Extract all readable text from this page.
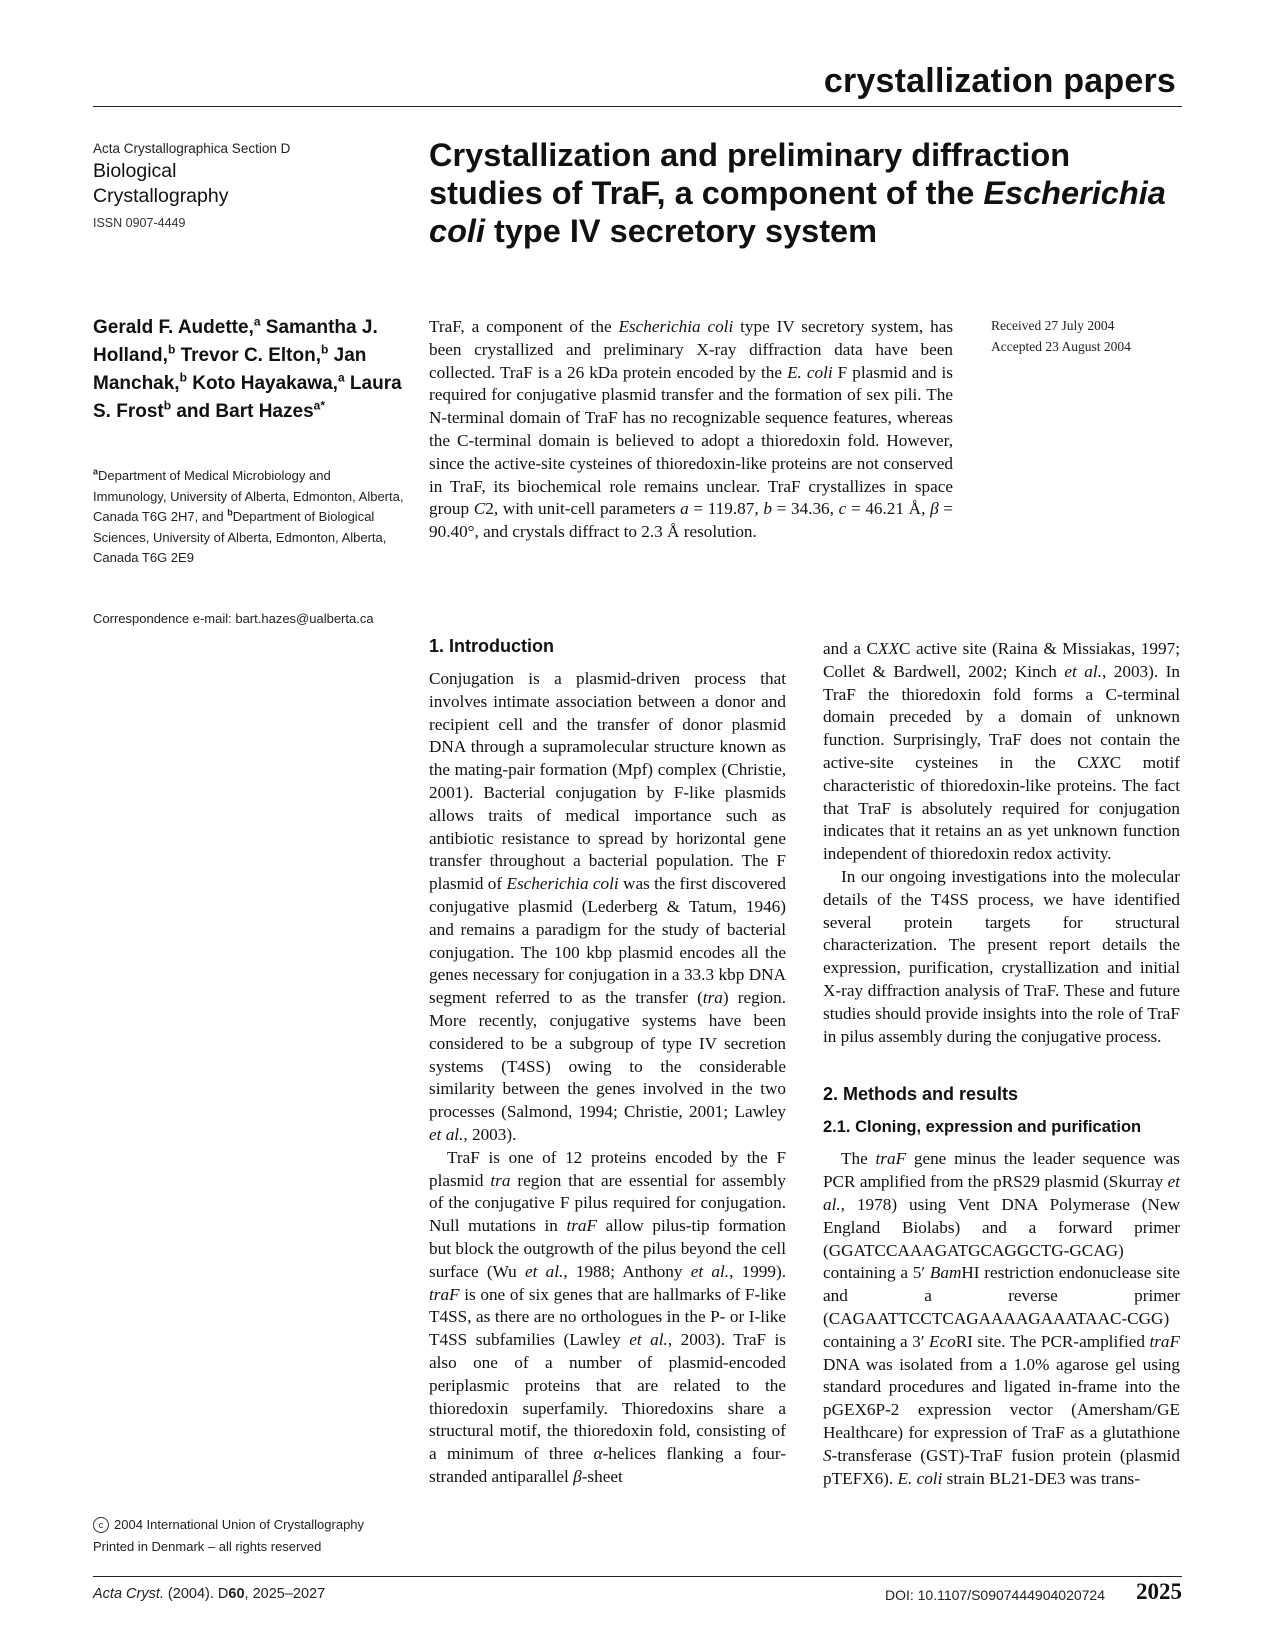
crystallization papers
Acta Crystallographica Section D
Biological
Crystallography
ISSN 0907-4449
Crystallization and preliminary diffraction studies of TraF, a component of the Escherichia coli type IV secretory system
Gerald F. Audette,$^a$ Samantha J. Holland,$^b$ Trevor C. Elton,$^b$ Jan Manchak,$^b$ Koto Hayakawa,$^a$ Laura S. Frost$^b$ and Bart Hazes$^{a*}$
$^a$Department of Medical Microbiology and Immunology, University of Alberta, Edmonton, Alberta, Canada T6G 2H7, and $^b$Department of Biological Sciences, University of Alberta, Edmonton, Alberta, Canada T6G 2E9
Correspondence e-mail: bart.hazes@ualberta.ca
TraF, a component of the Escherichia coli type IV secretory system, has been crystallized and preliminary X-ray diffraction data have been collected. TraF is a 26 kDa protein encoded by the E. coli F plasmid and is required for conjugative plasmid transfer and the formation of sex pili. The N-terminal domain of TraF has no recognizable sequence features, whereas the C-terminal domain is believed to adopt a thioredoxin fold. However, since the active-site cysteines of thioredoxin-like proteins are not conserved in TraF, its biochemical role remains unclear. TraF crystallizes in space group C2, with unit-cell parameters a = 119.87, b = 34.36, c = 46.21 Å, β = 90.40°, and crystals diffract to 2.3 Å resolution.
Received 27 July 2004
Accepted 23 August 2004
1. Introduction

Conjugation is a plasmid-driven process that involves intimate association between a donor and recipient cell and the transfer of donor plasmid DNA through a supramolecular structure known as the mating-pair formation (Mpf) complex (Christie, 2001). Bacterial conjugation by F-like plasmids allows traits of medical importance such as antibiotic resistance to spread by horizontal gene transfer throughout a bacterial population. The F plasmid of Escherichia coli was the first discovered conjugative plasmid (Lederberg & Tatum, 1946) and remains a paradigm for the study of bacterial conjugation. The 100 kbp plasmid encodes all the genes necessary for conjugation in a 33.3 kbp DNA segment referred to as the transfer (tra) region. More recently, conjugative systems have been considered to be a subgroup of type IV secretion systems (T4SS) owing to the considerable similarity between the genes involved in the two processes (Salmond, 1994; Christie, 2001; Lawley et al., 2003).

TraF is one of 12 proteins encoded by the F plasmid tra region that are essential for assembly of the conjugative F pilus required for conjugation. Null mutations in traF allow pilus-tip formation but block the outgrowth of the pilus beyond the cell surface (Wu et al., 1988; Anthony et al., 1999). traF is one of six genes that are hallmarks of F-like T4SS, as there are no orthologues in the P- or I-like T4SS subfamilies (Lawley et al., 2003). TraF is also one of a number of plasmid-encoded periplasmic proteins that are related to the thioredoxin superfamily. Thioredoxins share a structural motif, the thioredoxin fold, consisting of a minimum of three α-helices flanking a four-stranded antiparallel β-sheet

and a CXXC active site (Raina & Missiakas, 1997; Collet & Bardwell, 2002; Kinch et al., 2003). In TraF the thioredoxin fold forms a C-terminal domain preceded by a domain of unknown function. Surprisingly, TraF does not contain the active-site cysteines in the CXXC motif characteristic of thioredoxin-like proteins. The fact that TraF is absolutely required for conjugation indicates that it retains an as yet unknown function independent of thioredoxin redox activity.

In our ongoing investigations into the molecular details of the T4SS process, we have identified several protein targets for structural characterization. The present report details the expression, purification, crystallization and initial X-ray diffraction analysis of TraF. These and future studies should provide insights into the role of TraF in pilus assembly during the conjugative process.

2. Methods and results
2.1. Cloning, expression and purification

The traF gene minus the leader sequence was PCR amplified from the pRS29 plasmid (Skurray et al., 1978) using Vent DNA Polymerase (New England Biolabs) and a forward primer (GGATCCAAAGATGCAGGCTG-GCAG) containing a 5′ BamHI restriction endonuclease site and a reverse primer (CAGAATTCCTCAGAAAAGAAATAAC-CGG) containing a 3′ EcoRI site. The PCR-amplified traF DNA was isolated from a 1.0% agarose gel using standard procedures and ligated in-frame into the pGEX6P-2 expression vector (Amersham/GE Healthcare) for expression of TraF as a glutathione S-transferase (GST)-TraF fusion protein (plasmid pTEFX6). E. coli strain BL21-DE3 was trans-

c 2004 International Union of Crystallography
Printed in Denmark – all rights reserved
Acta Cryst. (2004). D60, 2025–2027	DOI: 10.1107/S0907444904020724 2025
